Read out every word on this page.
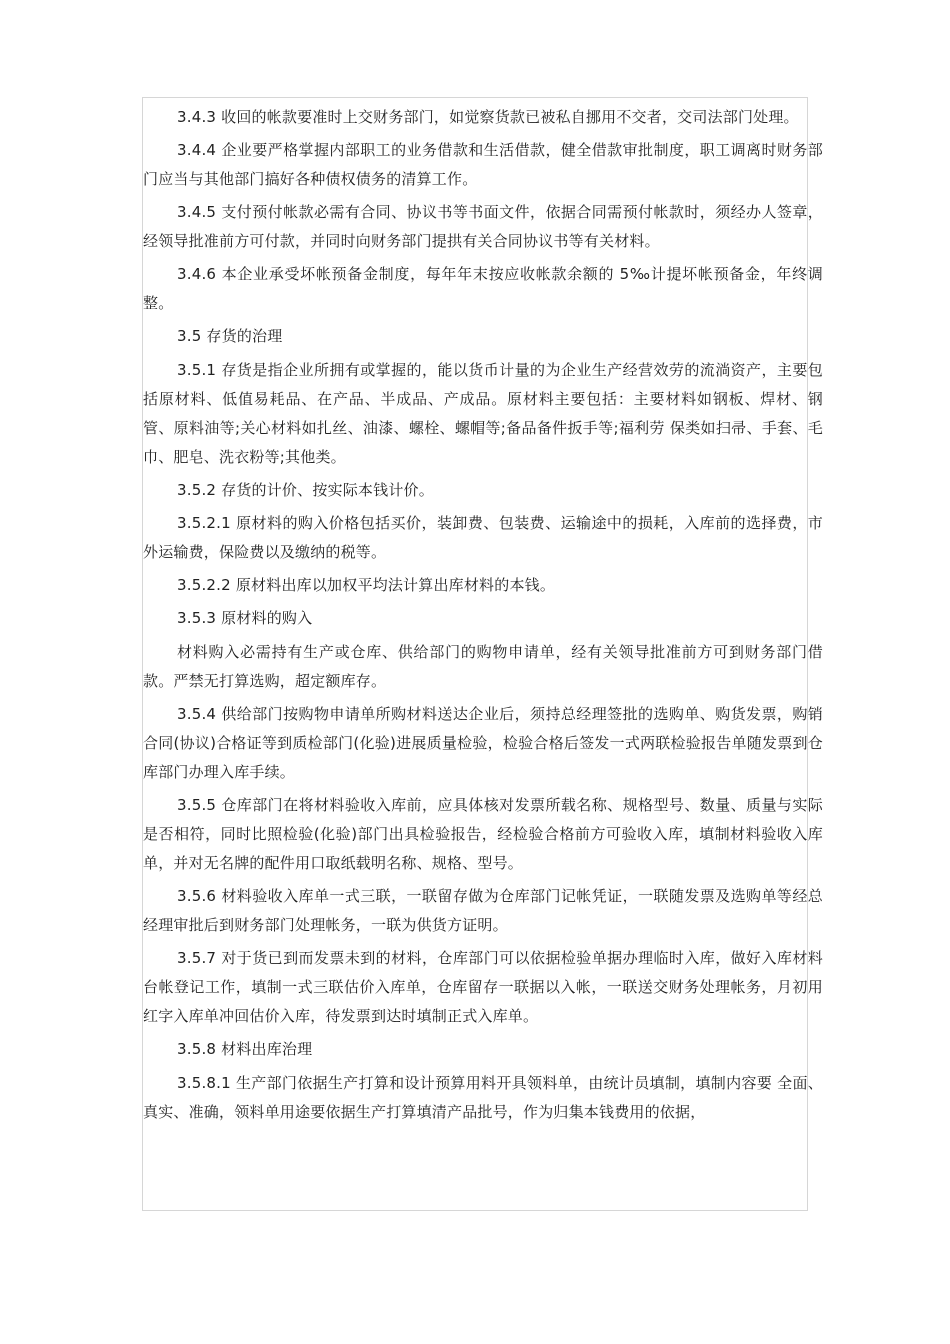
3.4.3 收回的帐款要准时上交财务部门，如觉察货款已被私自挪用不交者，交司法部门处理。

3.4.4 企业要严格掌握内部职工的业务借款和生活借款，健全借款审批制度，职工调离时财务部门应当与其他部门搞好各种债权债务的清算工作。

3.4.5 支付预付帐款必需有合同、协议书等书面文件，依据合同需预付帐款时，须经办人签章，经领导批准前方可付款，并同时向财务部门提拱有关合同协议书等有关材料。

3.4.6 本企业承受坏帐预备金制度，每年年末按应收帐款余额的 5‰计提坏帐预备金，年终调整。

3.5 存货的治理

3.5.1 存货是指企业所拥有或掌握的，能以货币计量的为企业生产经营效劳的流淌资产，主要包括原材料、低值易耗品、在产品、半成品、产成品。原材料主要包括：主要材料如钢板、焊材、钢管、原料油等;关心材料如扎丝、油漆、螺栓、螺帽等;备品备件扳手等;福利劳 保类如扫帚、手套、毛巾、肥皂、洗衣粉等;其他类。

3.5.2 存货的计价、按实际本钱计价。

3.5.2.1 原材料的购入价格包括买价，装卸费、包装费、运输途中的损耗，入库前的选择费，市外运输费，保险费以及缴纳的税等。

3.5.2.2 原材料出库以加权平均法计算出库材料的本钱。

3.5.3 原材料的购入

材料购入必需持有生产或仓库、供给部门的购物申请单，经有关领导批准前方可到财务部门借款。严禁无打算选购，超定额库存。

3.5.4 供给部门按购物申请单所购材料送达企业后，须持总经理签批的选购单、购货发票，购销合同(协议)合格证等到质检部门(化验)进展质量检验，检验合格后签发一式两联检验报告单随发票到仓库部门办理入库手续。

3.5.5 仓库部门在将材料验收入库前，应具体核对发票所载名称、规格型号、数量、质量与实际是否相符，同时比照检验(化验)部门出具检验报告，经检验合格前方可验收入库，填制材料验收入库单，并对无名牌的配件用口取纸载明名称、规格、型号。

3.5.6 材料验收入库单一式三联，一联留存做为仓库部门记帐凭证，一联随发票及选购单等经总经理审批后到财务部门处理帐务，一联为供货方证明。

3.5.7 对于货已到而发票未到的材料，仓库部门可以依据检验单据办理临时入库，做好入库材料台帐登记工作，填制一式三联估价入库单，仓库留存一联据以入帐，一联送交财务处理帐务，月初用红字入库单冲回估价入库，待发票到达时填制正式入库单。

3.5.8 材料出库治理

3.5.8.1 生产部门依据生产打算和设计预算用料开具领料单，由统计员填制，填制内容要 全面、真实、准确，领料单用途要依据生产打算填清产品批号，作为归集本钱费用的依据，
